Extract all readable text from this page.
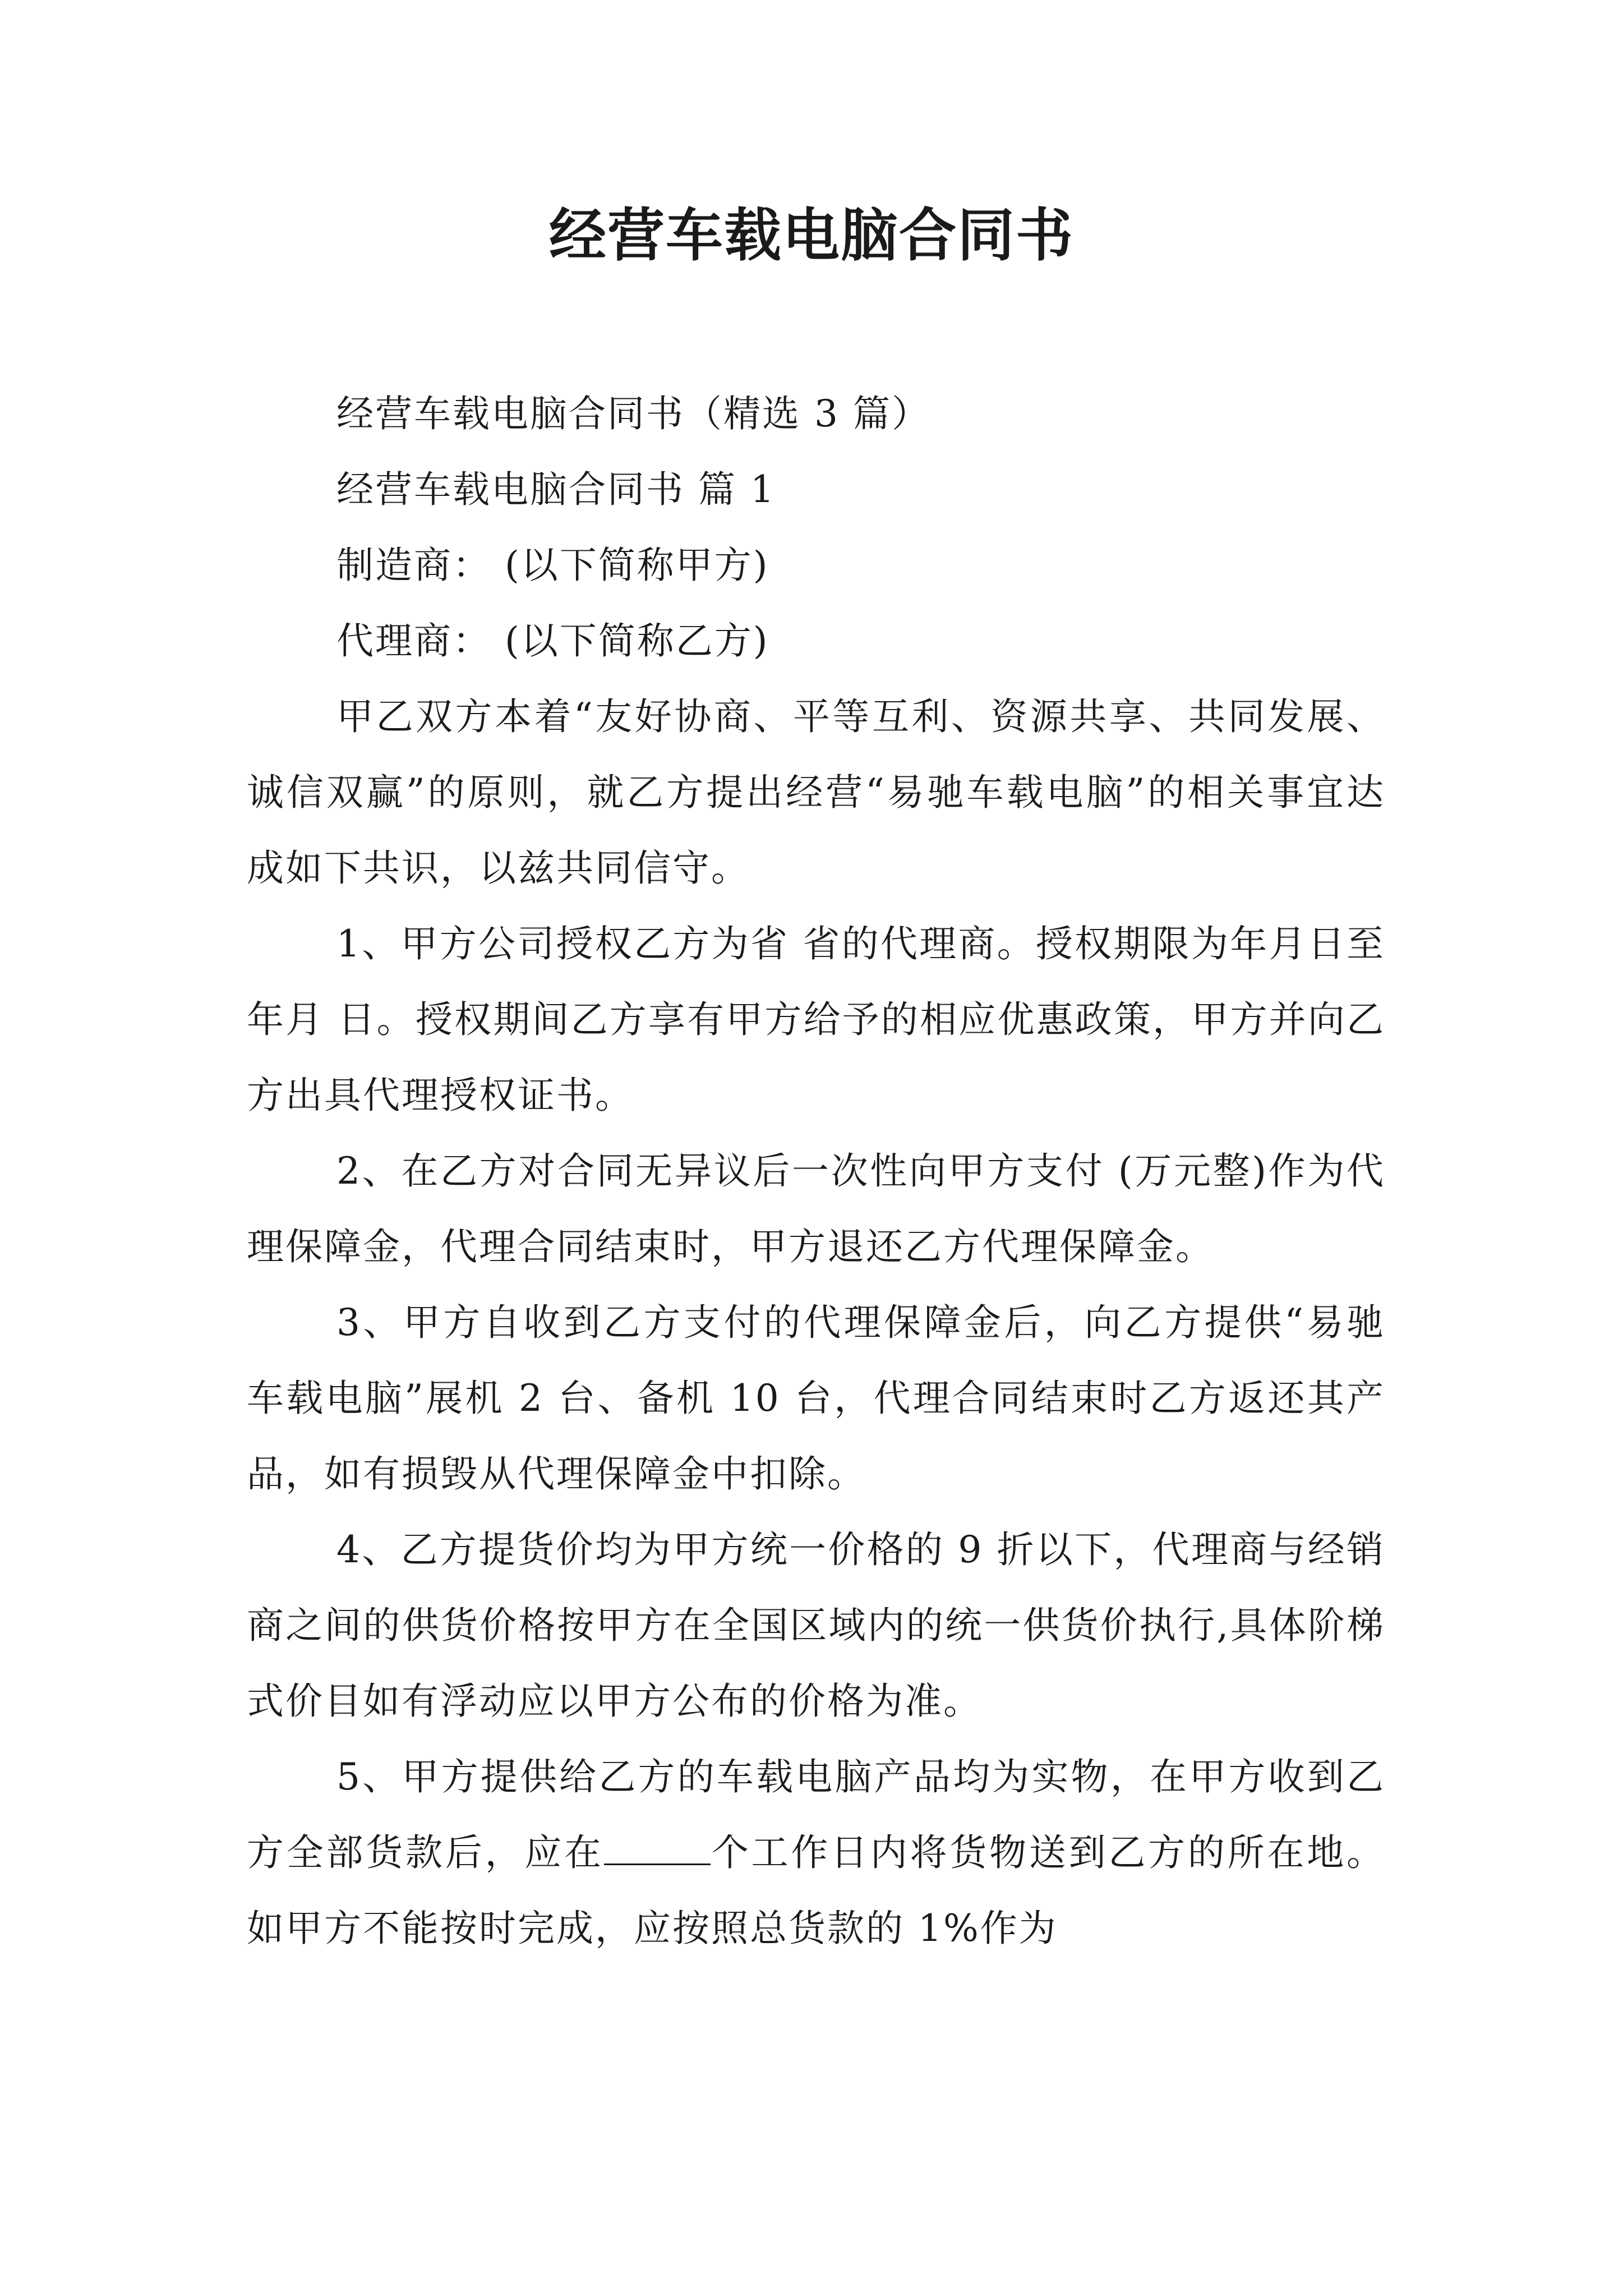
经营车载电脑合同书

经营车载电脑合同书（精选 3 篇）

经营车载电脑合同书 篇 1

制造商： (以下简称甲方)

代理商： (以下简称乙方)

甲乙双方本着“友好协商、平等互利、资源共享、共同发展、诚信双赢”的原则，就乙方提出经营“易驰车载电脑”的相关事宜达成如下共识，以兹共同信守。

1、甲方公司授权乙方为省 省的代理商。授权期限为年月日至年月 日。授权期间乙方享有甲方给予的相应优惠政策，甲方并向乙方出具代理授权证书。

2、在乙方对合同无异议后一次性向甲方支付 (万元整)作为代理保障金，代理合同结束时，甲方退还乙方代理保障金。

3、甲方自收到乙方支付的代理保障金后，向乙方提供“易驰车载电脑”展机 2 台、备机 10 台，代理合同结束时乙方返还其产品，如有损毁从代理保障金中扣除。

4、乙方提货价均为甲方统一价格的 9 折以下，代理商与经销商之间的供货价格按甲方在全国区域内的统一供货价执行,具体阶梯式价目如有浮动应以甲方公布的价格为准。

5、甲方提供给乙方的车载电脑产品均为实物，在甲方收到乙方全部货款后，应在	个工作日内将货物送到乙方的所在地。如甲方不能按时完成，应按照总货款的 1%作为
